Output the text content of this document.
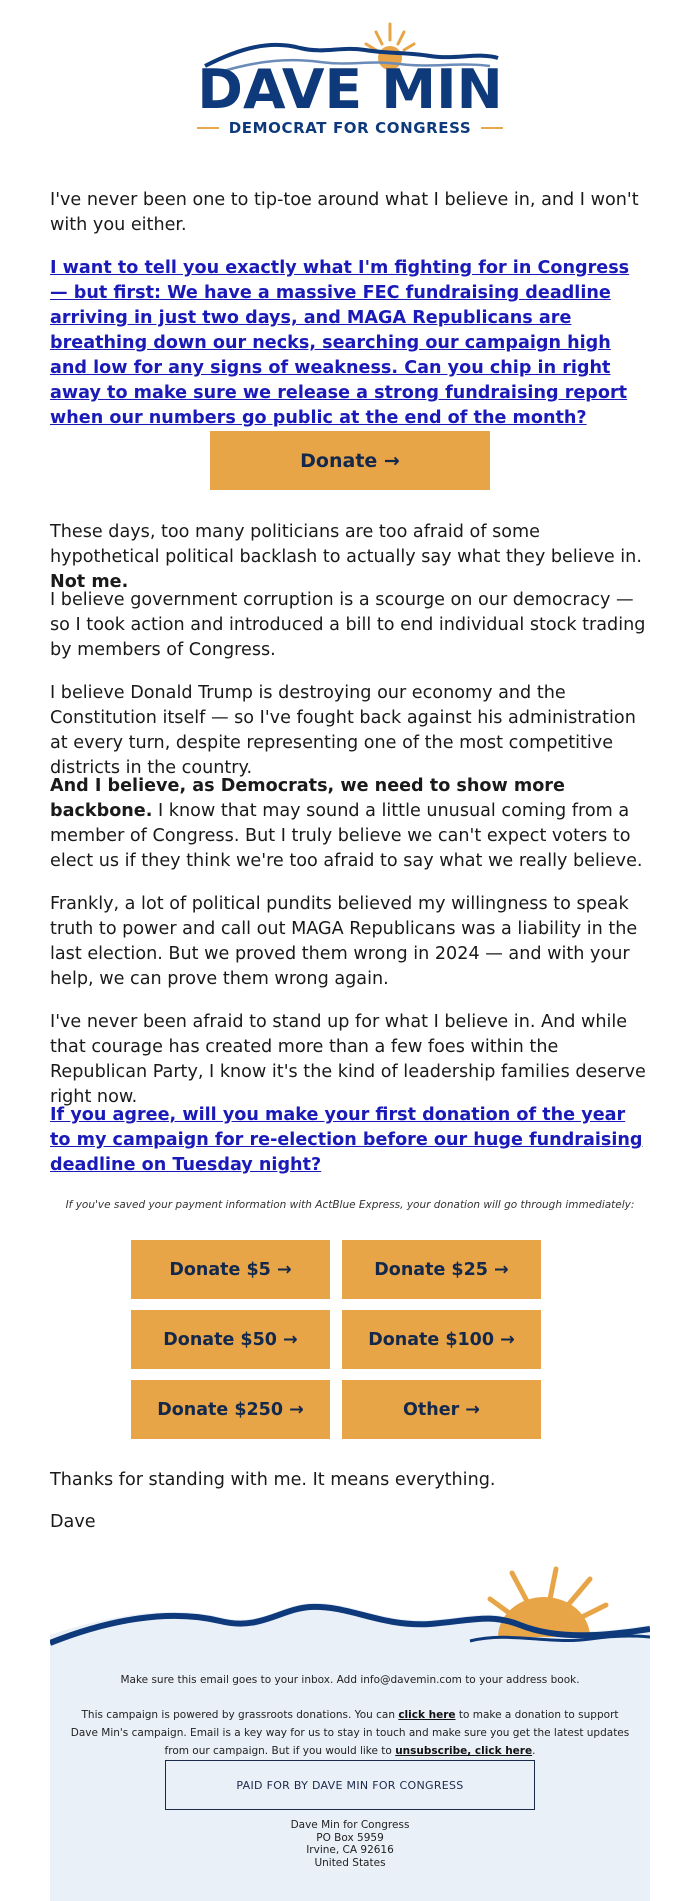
DAVE MIN
DEMOCRAT FOR CONGRESS

I've never been one to tip-toe around what I believe in, and I won't with you either.

I want to tell you exactly what I'm fighting for in Congress — but first: We have a massive FEC fundraising deadline arriving in just two days, and MAGA Republicans are breathing down our necks, searching our campaign high and low for any signs of weakness. Can you chip in right away to make sure we release a strong fundraising report when our numbers go public at the end of the month?
Donate →

These days, too many politicians are too afraid of some hypothetical political backlash to actually say what they believe in. Not me.

I believe government corruption is a scourge on our democracy — so I took action and introduced a bill to end individual stock trading by members of Congress.

I believe Donald Trump is destroying our economy and the Constitution itself — so I've fought back against his administration at every turn, despite representing one of the most competitive districts in the country.

And I believe, as Democrats, we need to show more backbone. I know that may sound a little unusual coming from a member of Congress. But I truly believe we can't expect voters to elect us if they think we're too afraid to say what we really believe.

Frankly, a lot of political pundits believed my willingness to speak truth to power and call out MAGA Republicans was a liability in the last election. But we proved them wrong in 2024 — and with your help, we can prove them wrong again.

I've never been afraid to stand up for what I believe in. And while that courage has created more than a few foes within the Republican Party, I know it's the kind of leadership families deserve right now.

If you agree, will you make your first donation of the year to my campaign for re-election before our huge fundraising deadline on Tuesday night?
If you've saved your payment information with ActBlue Express, your donation will go through immediately:
Donate $5 →	Donate $25 →
Donate $50 →	Donate $100 →
Donate $250 →	Other →

Thanks for standing with me. It means everything.

Dave

Make sure this email goes to your inbox. Add info@davemin.com to your address book.
This campaign is powered by grassroots donations. You can click here to make a donation to support Dave Min's campaign. Email is a key way for us to stay in touch and make sure you get the latest updates from our campaign. But if you would like to unsubscribe, click here.
PAID FOR BY DAVE MIN FOR CONGRESS
Dave Min for Congress
PO Box 5959
Irvine, CA 92616
United States
